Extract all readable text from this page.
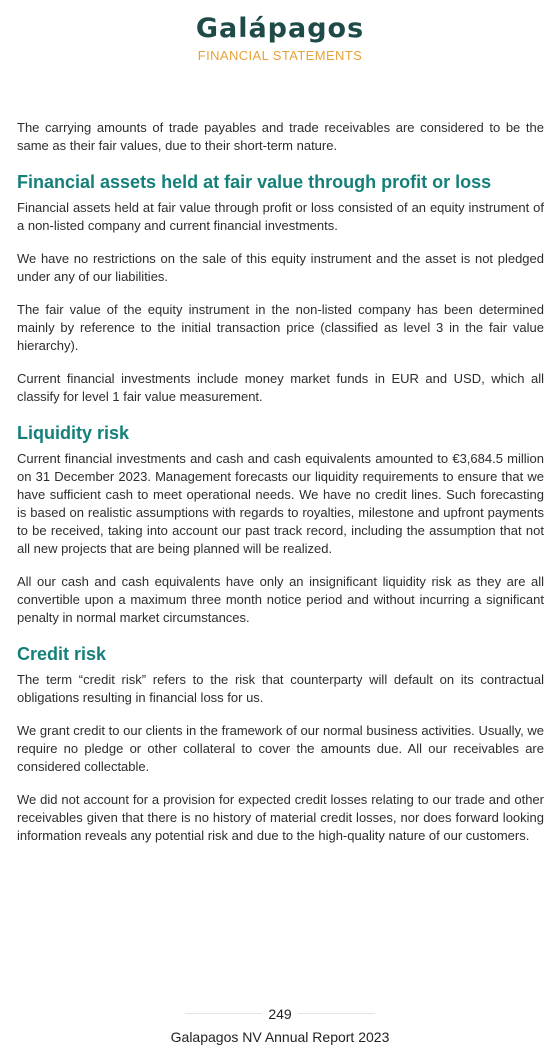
Galápagos
FINANCIAL STATEMENTS

The carrying amounts of trade payables and trade receivables are considered to be the same as their fair values, due to their short-term nature.

Financial assets held at fair value through profit or loss

Financial assets held at fair value through profit or loss consisted of an equity instrument of a non-listed company and current financial investments.

We have no restrictions on the sale of this equity instrument and the asset is not pledged under any of our liabilities.

The fair value of the equity instrument in the non-listed company has been determined mainly by reference to the initial transaction price (classified as level 3 in the fair value hierarchy).

Current financial investments include money market funds in EUR and USD, which all classify for level 1 fair value measurement.

Liquidity risk

Current financial investments and cash and cash equivalents amounted to €3,684.5 million on 31 December 2023. Management forecasts our liquidity requirements to ensure that we have sufficient cash to meet operational needs. We have no credit lines. Such forecasting is based on realistic assumptions with regards to royalties, milestone and upfront payments to be received, taking into account our past track record, including the assumption that not all new projects that are being planned will be realized.

All our cash and cash equivalents have only an insignificant liquidity risk as they are all convertible upon a maximum three month notice period and without incurring a significant penalty in normal market circumstances.

Credit risk

The term “credit risk” refers to the risk that counterparty will default on its contractual obligations resulting in financial loss for us.

We grant credit to our clients in the framework of our normal business activities. Usually, we require no pledge or other collateral to cover the amounts due. All our receivables are considered collectable.

We did not account for a provision for expected credit losses relating to our trade and other receivables given that there is no history of material credit losses, nor does forward looking information reveals any potential risk and due to the high-quality nature of our customers.

249
Galapagos NV Annual Report 2023
